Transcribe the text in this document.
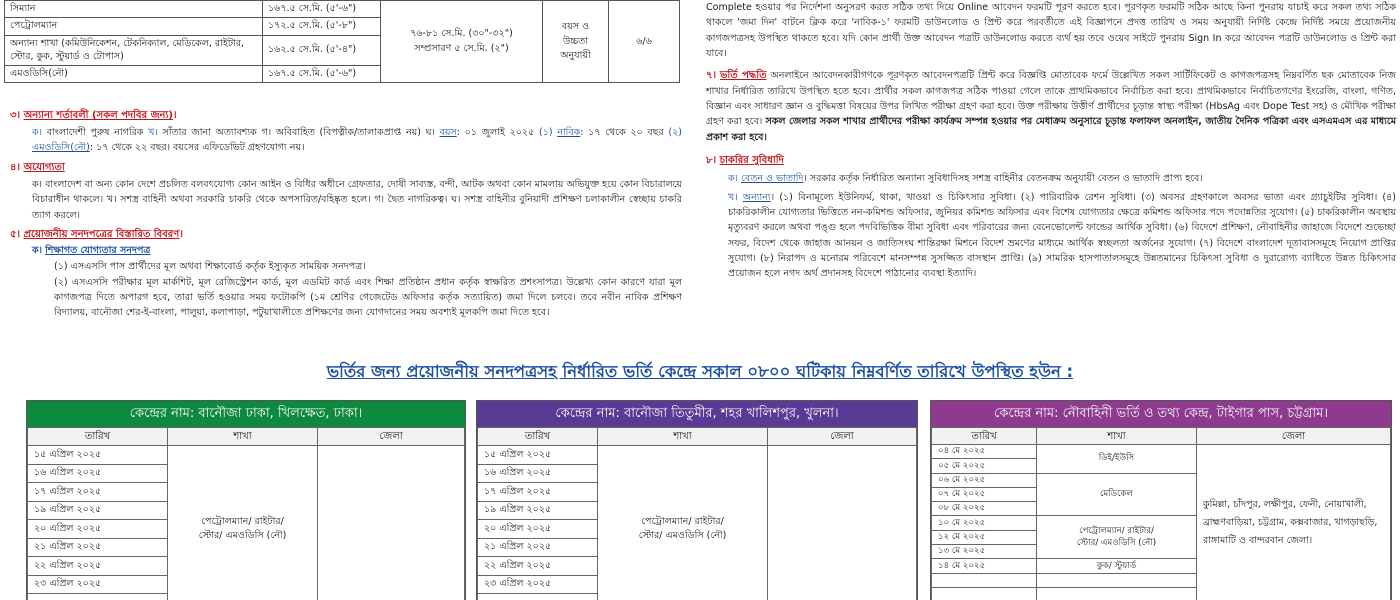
সিম্যান	১৬৭.৫ সে.মি. (৫'-৬")	৭৬-৮১ সে.মি. (৩০"-৩২")
সম্প্রসারণ ৫ সে.মি. (২")	বয়স ও উচ্চতা অনুযায়ী	৬/৬
পেট্রোলম্যান	১৭২.৫ সে.মি. (৫'-৮")			
অন্যান্য শাখা (কমিউনিকেশন, টেকনিক্যাল, মেডিকেল, রাইটার, স্টোর, কুক, স্টুয়ার্ড ও টোপাস)	১৬২.৫ সে.মি. (৫'-৪")			
এমওডিসি(নৌ)	১৬৭.৫ সে.মি. (৫'-৬")			
৩। অন্যান্য শর্তাবলী (সকল পদবির জন্য)।
ক। বাংলাদেশী পুরুষ নাগরিক খ। সাঁতার জানা অত্যাবশ্যক গ। অবিবাহিত (বিপত্নীক/তালাকপ্রাপ্ত নয়) ঘ। বয়স: ০১ জুলাই ২০২৫ (১) নাবিক: ১৭ থেকে ২০ বছর (২) এমওডিসি(নৌ): ১৭ থেকে ২২ বছর। বয়সের এফিডেভিট গ্রহণযোগ্য নয়।
৪। অযোগ্যতা
ক। বাংলাদেশ বা অন্য কোন দেশে প্রচলিত বলবৎযোগ্য কোন আইন ও বিধির অধীনে গ্রেফতার, দোষী সাব্যস্ত, বন্দী, আটক অথবা কোন মামলায় অভিযুক্ত হয়ে কোন বিচারালয়ে বিচারাধীন থাকলে। খ। সশস্ত্র বাহিনী অথবা সরকারি চাকরি থেকে অপসারিত/বহিষ্কৃত হলে। গ। দ্বৈত নাগরিকত্ব। ঘ। সশস্ত্র বাহিনীর বুনিয়াদী প্রশিক্ষণ চলাকালীন স্বেচ্ছায় চাকরি ত্যাগ করলে।
৫। প্রয়োজনীয় সনদপত্রের বিস্তারিত বিবরণ।
ক। শিক্ষাগত যোগ্যতার সনদপত্র
(১) এসএসসি পাস প্রার্থীদের মূল অথবা শিক্ষাবোর্ড কর্তৃক ইস্যুকৃত সাময়িক সনদপত্র।
(২) এসএসসি পরীক্ষার মূল মার্কশিট, মূল রেজিস্ট্রেশন কার্ড, মূল এডমিট কার্ড এবং শিক্ষা প্রতিষ্ঠান প্রধান কর্তৃক স্বাক্ষরিত প্রশংসাপত্র। উল্লেখ্য কোন কারণে যারা মূল কাগজপত্র দিতে অপারগ হবে, তারা ভর্তি হওয়ার সময় ফটোকপি (১ম শ্রেণির গেজেটেড অফিসার কর্তৃক সত্যায়িত) জমা দিলে চলবে। তবে নবীন নাবিক প্রশিক্ষণ বিদ্যালয়, বানৌজা শের-ই-বাংলা, পালুয়া, কলাপাড়া, পটুয়াখালীতে প্রশিক্ষণের জন্য যোগদানের সময় অবশ্যই মূলকপি জমা দিতে হবে।
Complete হওয়ার পর নির্দেশনা অনুসরণ করত সঠিক তথ্য দিয়ে Online আবেদন ফরমটি পূরণ করতে হবে। পূরণকৃত ফরমটি সঠিক আছে কিনা পুনরায় যাচাই করে সকল তথ্য সঠিক থাকলে 'জমা দিন' বাটনে ক্লিক করে 'নাবিক-১' ফরমটি ডাউনলোড ও প্রিন্ট করে পরবর্তীতে এই বিজ্ঞাপনে প্রদত্ত তারিখ ও সময় অনুযায়ী নির্দিষ্ট কেন্দ্রে নির্দিষ্ট সময়ে প্রয়োজনীয় কাগজপত্রসহ উপস্থিত থাকতে হবে। যদি কোন প্রার্থী উক্ত আবেদন পত্রটি ডাউনলোড করতে ব্যর্থ হয় তবে ওয়েব সাইটে পুনরায় Sign In করে আবেদন পত্রটি ডাউনলোড ও প্রিন্ট করা যাবে।
৭। ভর্তি পদ্ধতি অনলাইনে আবেদনকারীগণকে পূরণকৃত আবেদনপত্রটি প্রিন্ট করে বিজ্ঞপ্তি মোতাবেক ফর্মে উল্লেখিত সকল সার্টিফিকেট ও কাগজপত্রসহ নিম্নবর্ণিত ছক মোতাবেক নিজ শাখার নির্ধারিত তারিখে উপস্থিত হতে হবে। প্রার্থীর সকল কাগজপত্র সঠিক পাওয়া গেলে তাকে প্রাথমিকভাবে নির্বাচিত করা হবে। প্রাথমিকভাবে নির্বাচিতগণের ইংরেজি, বাংলা, গণিত, বিজ্ঞান এবং সাধারণ জ্ঞান ও বুদ্ধিমত্তা বিষয়ের উপর লিখিত পরীক্ষা গ্রহণ করা হবে। উক্ত পরীক্ষায় উত্তীর্ণ প্রার্থীদের চূড়ান্ত স্বাস্থ্য পরীক্ষা (HbsAg এবং Dope Test সহ) ও মৌখিক পরীক্ষা গ্রহণ করা হবে। সকল জেলার সকল শাখার প্রার্থীদের পরীক্ষা কার্যক্রম সম্পন্ন হওয়ার পর মেধাক্রম অনুসারে চূড়ান্ত ফলাফল অনলাইন, জাতীয় দৈনিক পত্রিকা এবং এসএমএস এর মাধ্যমে প্রকাশ করা হবে।
৮। চাকরির সুবিধাদি
ক। বেতন ও ভাতাদি। সরকার কর্তৃক নির্ধারিত অন্যান্য সুবিধাদিসহ সশস্ত্র বাহিনীর বেতনক্রম অনুযায়ী বেতন ও ভাতাদি প্রাপ্য হবে।
খ। অন্যান্য। (১) বিনামূল্যে ইউনিফর্ম, থাকা, খাওয়া ও চিকিৎসার সুবিধা। (২) পারিবারিক রেশন সুবিধা। (৩) অবসর গ্রহণকালে অবসর ভাতা এবং গ্র্যাচুইটির সুবিধা। (৪) চাকরিকালীন যোগ্যতার ভিত্তিতে নন-কমিশন্ড অফিসার, জুনিয়র কমিশন্ড অফিসার এবং বিশেষ যোগ্যতার ক্ষেত্রে কমিশন্ড অফিসার পদে পদোন্নতির সুযোগ। (৫) চাকরিকালীন অবস্থায় মৃত্যুবরণ করলে অথবা পঙ্গু হলে পদবিভিত্তিক বীমা সুবিধা এবং পরিবারের জন্য বেনেভোলেন্ট ফান্ডের আর্থিক সুবিধা। (৬) বিদেশে প্রশিক্ষণ, নৌবাহিনীর জাহাজে বিদেশে শুভেচ্ছা সফর, বিদেশ থেকে জাহাজ আনয়ন ও জাতিসংঘ শান্তিরক্ষা মিশনে বিদেশ ভ্রমণের মাধ্যমে আর্থিক স্বচ্ছলতা অর্জনের সুযোগ। (৭) বিদেশে বাংলাদেশ দূতাবাসসমূহে নিয়োগ প্রাপ্তির সুযোগ। (৮) নিরাপদ ও মনোরম পরিবেশে মানসম্পন্ন সুসজ্জিত বাসস্থান প্রাপ্তি। (৯) সামরিক হাসপাতালসমূহে উন্নতমানের চিকিৎসা সুবিধা ও দুরারোগ্য ব্যাধিতে উন্নত চিকিৎসার প্রয়োজন হলে নগদ অর্থ প্রদানসহ বিদেশে পাঠানোর ব্যবস্থা ইত্যাদি।
ভর্তির জন্য প্রয়োজনীয় সনদপত্রসহ নির্ধারিত ভর্তি কেন্দ্রে সকাল ০৮০০ ঘটিকায় নিম্নবর্ণিত তারিখে উপস্থিত হউন :
কেন্দ্রের নাম: বানৌজা ঢাকা, খিলক্ষেত, ঢাকা।
তারিখ	শাখা	জেলা
১৫ এপ্রিল ২০২৫	পেট্রোলম্যান/ রাইটার/
স্টোর/ এমওডিসি (নৌ)	

১৬ এপ্রিল ২০২৫		
১৭ এপ্রিল ২০২৫		
১৯ এপ্রিল ২০২৫		
২০ এপ্রিল ২০২৫		
২১ এপ্রিল ২০২৫		
২২ এপ্রিল ২০২৫		
২৩ এপ্রিল ২০২৫		

কেন্দ্রের নাম: বানৌজা তিতুমীর, শহর খালিশপুর, খুলনা।
তারিখ	শাখা	জেলা
১৫ এপ্রিল ২০২৫	পেট্রোলম্যান/ রাইটার/
স্টোর/ এমওডিসি (নৌ)	

১৬ এপ্রিল ২০২৫		
১৭ এপ্রিল ২০২৫		
১৯ এপ্রিল ২০২৫		
২০ এপ্রিল ২০২৫		
২১ এপ্রিল ২০২৫		
২২ এপ্রিল ২০২৫		
২৩ এপ্রিল ২০২৫		

কেন্দ্রের নাম: নৌবাহিনী ভর্তি ও তথ্য কেন্দ্র, টাইগার পাস, চট্টগ্রাম।
তারিখ	শাখা	জেলা
০৪ মে ২০২৫	ডিই/ইউসি	কুমিল্লা, চাঁদপুর, লক্ষীপুর, ফেনী, নোয়াখালী, ব্রাহ্মণবাড়িয়া, চট্টগ্রাম, কক্সবাজার, খাগড়াছড়ি, রাঙ্গামাটি ও বান্দরবান জেলা।
০৫ মে ২০২৫		
০৬ মে ২০২৫	মেডিকেল	
০৭ মে ২০২৫		
০৮ মে ২০২৫		
১০ মে ২০২৫	পেট্রোলম্যান/ রাইটার/
স্টোর/ এমওডিসি (নৌ)	

১২ মে ২০২৫		
১৩ মে ২০২৫		
১৪ মে ২০২৫	কুক/ স্টুয়ার্ড	
